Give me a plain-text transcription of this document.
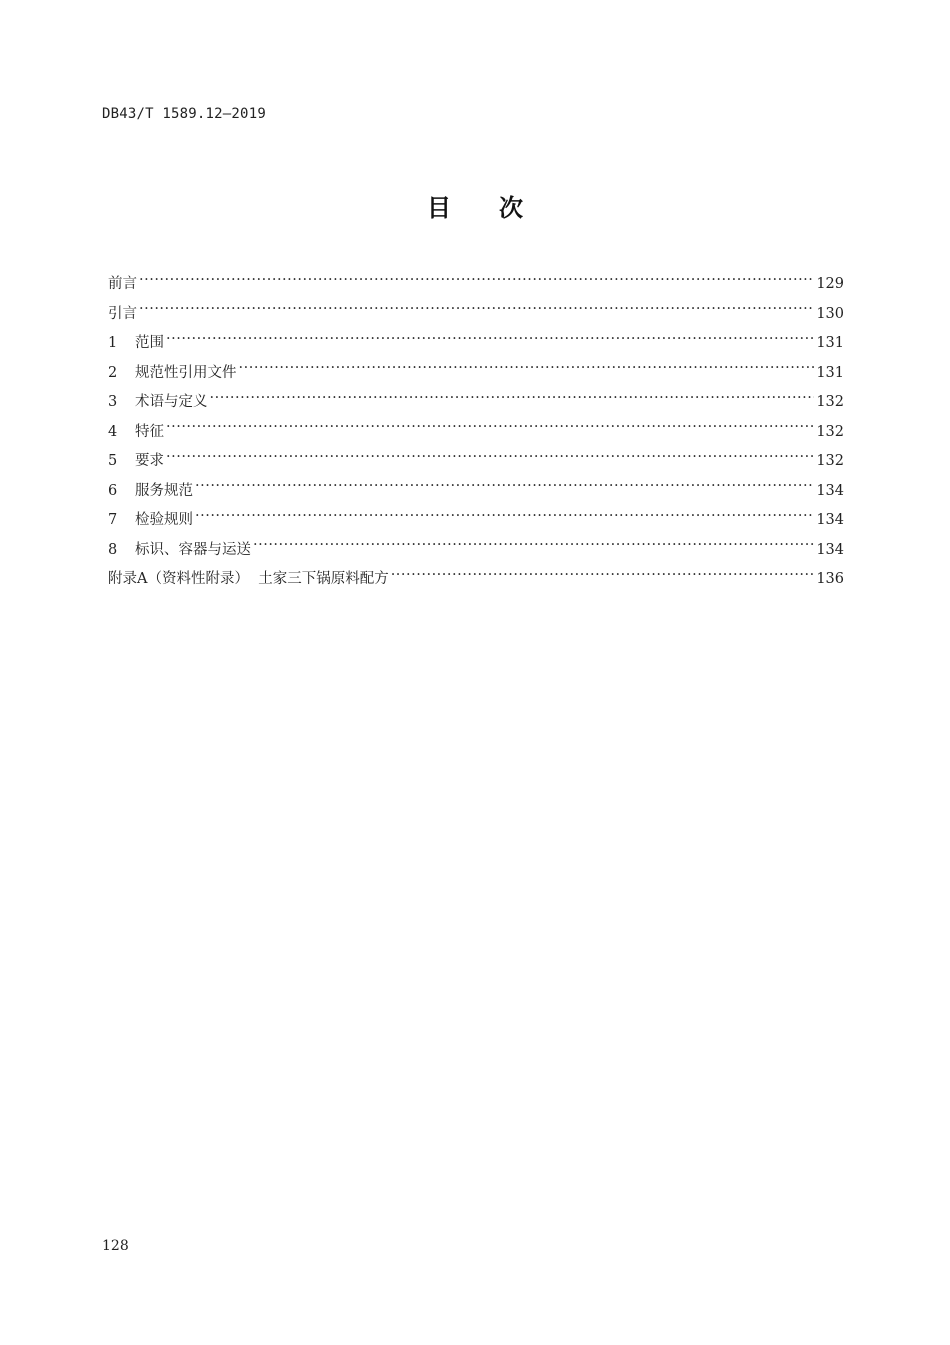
DB43/T 1589.12—2019
目 次
前言 ·····	129
引言 ·····	130
1	范围 ·····	131
2	规范性引用文件 ·····	131
3	术语与定义 ·····	132
4	特征 ·····	132
5	要求 ·····	132
6	服务规范 ·····	134
7	检验规则 ·····	134
8	标识、容器与运送 ·····	134
附录A（资料性附录）  土家三下锅原料配方 ·····	136
128
